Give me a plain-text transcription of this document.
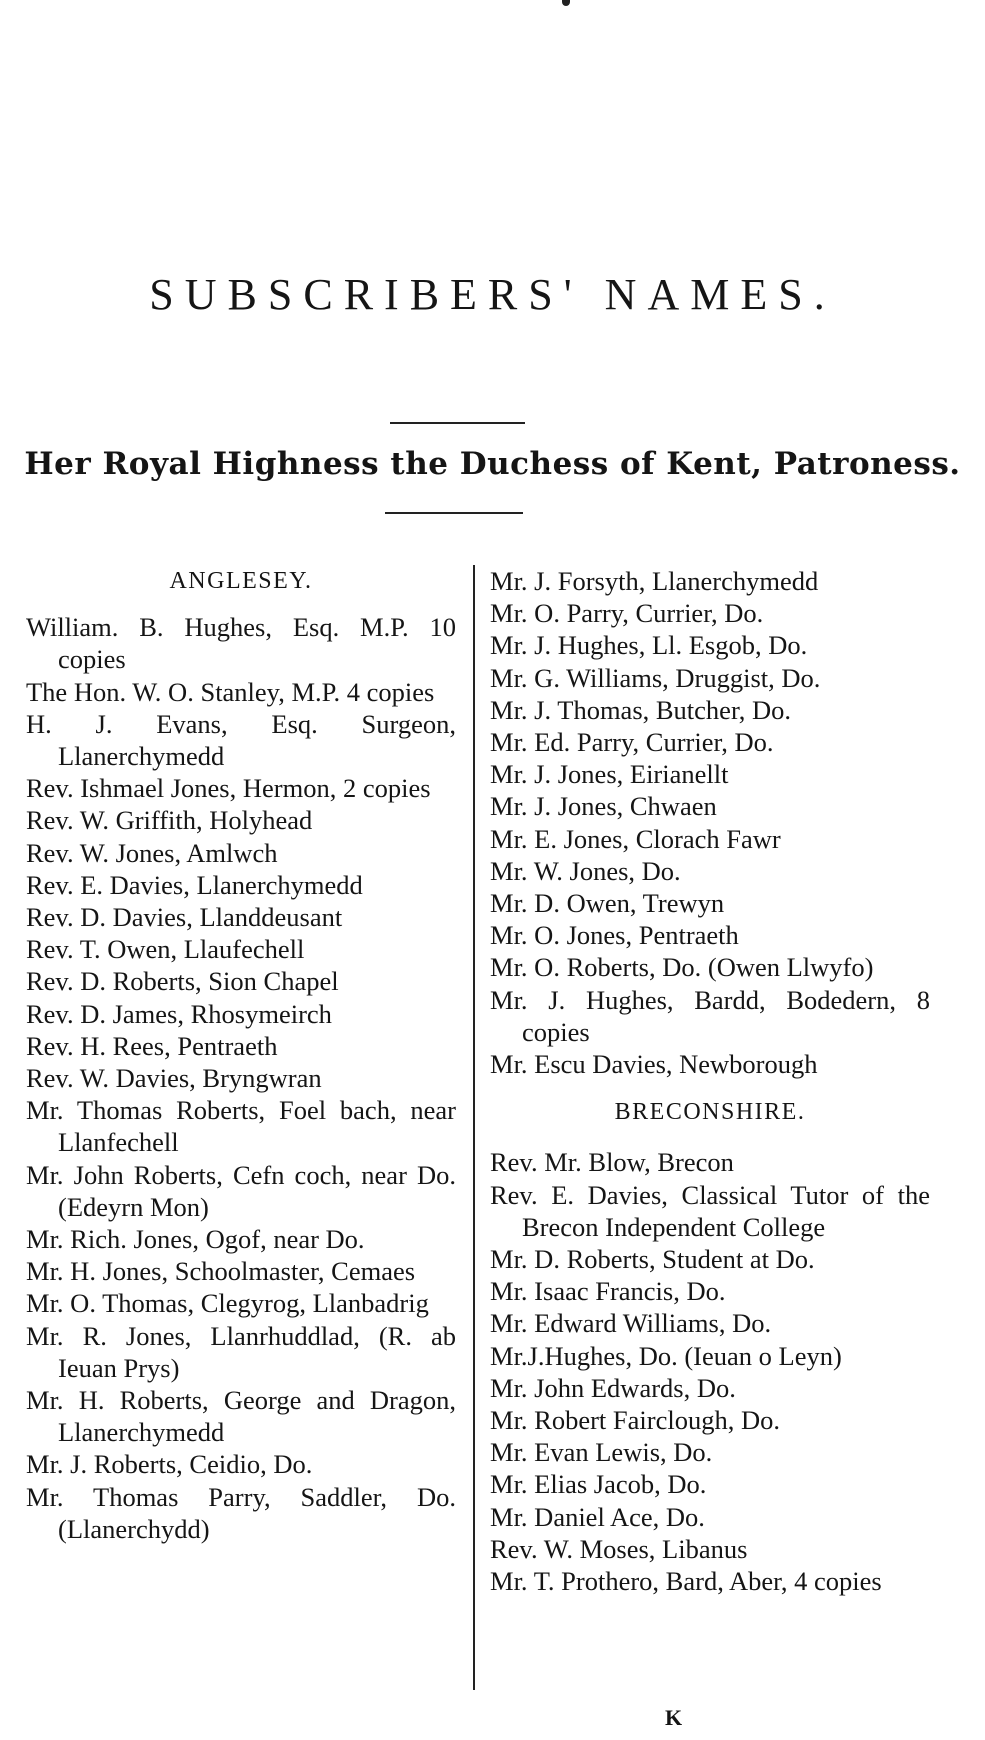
SUBSCRIBERS' NAMES.
Her Royal Highness the Duchess of Kent, Patroness.
ANGLESEY.
William. B. Hughes, Esq. M.P. 10 copies
The Hon. W. O. Stanley, M.P. 4 copies
H. J. Evans, Esq. Surgeon, Llanerchymedd
Rev. Ishmael Jones, Hermon, 2 copies
Rev. W. Griffith, Holyhead
Rev. W. Jones, Amlwch
Rev. E. Davies, Llanerchymedd
Rev. D. Davies, Llanddeusant
Rev. T. Owen, Llaufechell
Rev. D. Roberts, Sion Chapel
Rev. D. James, Rhosymeirch
Rev. H. Rees, Pentraeth
Rev. W. Davies, Bryngwran
Mr. Thomas Roberts, Foel bach, near Llanfechell
Mr. John Roberts, Cefn coch, near Do. (Edeyrn Mon)
Mr. Rich. Jones, Ogof, near Do.
Mr. H. Jones, Schoolmaster, Cemaes
Mr. O. Thomas, Clegyrog, Llanbadrig
Mr. R. Jones, Llanrhuddlad, (R. ab Ieuan Prys)
Mr. H. Roberts, George and Dragon, Llanerchymedd
Mr. J. Roberts, Ceidio, Do.
Mr. Thomas Parry, Saddler, Do. (Llanerchydd)
Mr. J. Forsyth, Llanerchymedd
Mr. O. Parry, Currier, Do.
Mr. J. Hughes, Ll. Esgob, Do.
Mr. G. Williams, Druggist, Do.
Mr. J. Thomas, Butcher, Do.
Mr. Ed. Parry, Currier, Do.
Mr. J. Jones, Eirianellt
Mr. J. Jones, Chwaen
Mr. E. Jones, Clorach Fawr
Mr. W. Jones, Do.
Mr. D. Owen, Trewyn
Mr. O. Jones, Pentraeth
Mr. O. Roberts, Do. (Owen Llwyfo)
Mr. J. Hughes, Bardd, Bodedern, 8 copies
Mr. Escu Davies, Newborough
BRECONSHIRE.
Rev. Mr. Blow, Brecon
Rev. E. Davies, Classical Tutor of the Brecon Independent College
Mr. D. Roberts, Student at Do.
Mr. Isaac Francis, Do.
Mr. Edward Williams, Do.
Mr.J.Hughes, Do. (Ieuan o Leyn)
Mr. John Edwards, Do.
Mr. Robert Fairclough, Do.
Mr. Evan Lewis, Do.
Mr. Elias Jacob, Do.
Mr. Daniel Ace, Do.
Rev. W. Moses, Libanus
Mr. T. Prothero, Bard, Aber, 4 copies
K
